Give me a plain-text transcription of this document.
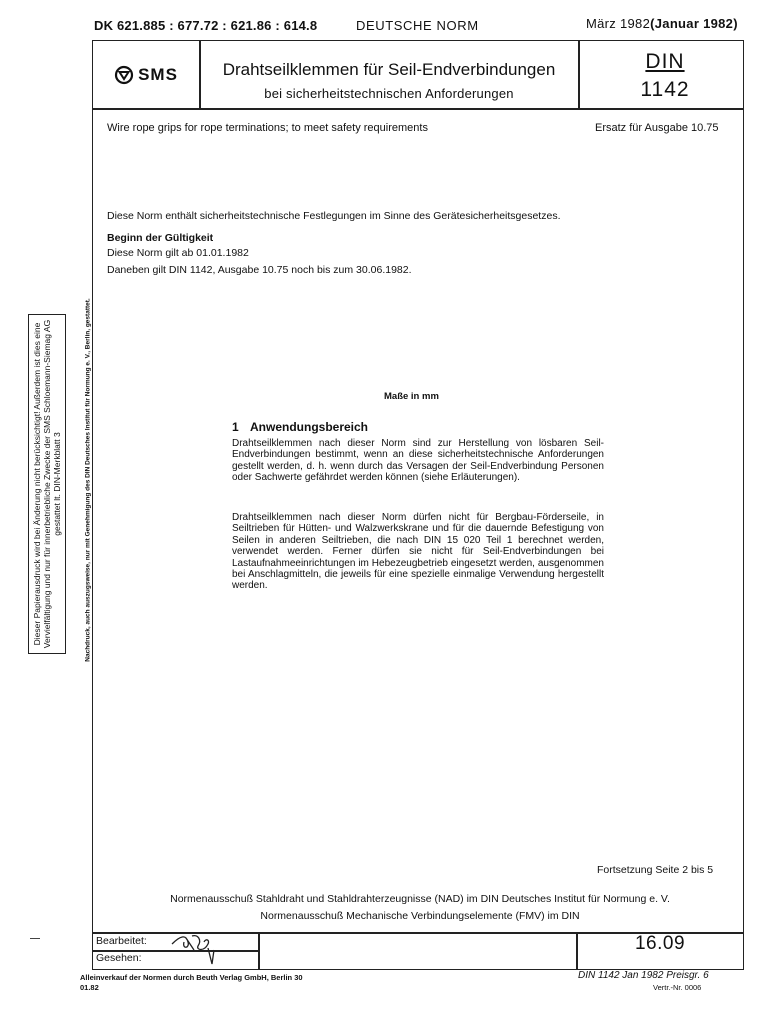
DK 621.885 : 677.72 : 621.86 : 614.8	DEUTSCHE NORM	März 1982(Januar 1982)
SMS	Drahtseilklemmen für Seil-Endverbindungen
bei sicherheitstechnischen Anforderungen
DIN
1142
Wire rope grips for rope terminations; to meet safety requirements	Ersatz für Ausgabe 10.75
Diese Norm enthält sicherheitstechnische Festlegungen im Sinne des Gerätesicherheitsgesetzes.
Beginn der Gültigkeit
Diese Norm gilt ab 01.01.1982
Daneben gilt DIN 1142, Ausgabe 10.75 noch bis zum 30.06.1982.
Maße in mm
1 Anwendungsbereich
Drahtseilklemmen nach dieser Norm sind zur Herstellung von lösbaren Seil-Endverbindungen bestimmt, wenn an diese sicherheitstechnische Anforderungen gestellt werden, d. h. wenn durch das Versagen der Seil-Endverbindung Personen oder Sachwerte gefährdet werden können (siehe Erläuterungen).
Drahtseilklemmen nach dieser Norm dürfen nicht für Bergbau-Förderseile, in Seiltrieben für Hütten- und Walzwerkskrane und für die dauernde Befestigung von Seilen in anderen Seiltrieben, die nach DIN 15 020 Teil 1 berechnet werden, verwendet werden. Ferner dürfen sie nicht für Seil-Endverbindungen bei Lastaufnahmeeinrichtungen im Hebezeugbetrieb eingesetzt werden, ausgenommen bei Anschlagmitteln, die jeweils für eine spezielle einmalige Verwendung hergestellt werden.
Fortsetzung Seite 2 bis 5
Normenausschuß Stahldraht und Stahldrahterzeugnisse (NAD) im DIN Deutsches Institut für Normung e. V.
Normenausschuß Mechanische Verbindungselemente (FMV) im DIN
Bearbeitet:
Gesehen:
16.09
Alleinverkauf der Normen durch Beuth Verlag GmbH, Berlin 30
01.82
DIN 1142 Jan 1982 Preisgr. 6
Vertr.-Nr. 0006
Dieser Papierausdruck wird bei Änderung nicht berücksichtigt! Außerdem ist dies eine Vervielfältigung und nur für innerbetriebliche Zwecke der SMS Schloemann-Siemag AG gestattet lt. DIN-Merkblatt 3	Nachdruck, auch auszugsweise, nur mit Genehmigung des DIN Deutsches Institut für Normung e. V., Berlin, gestattet.
